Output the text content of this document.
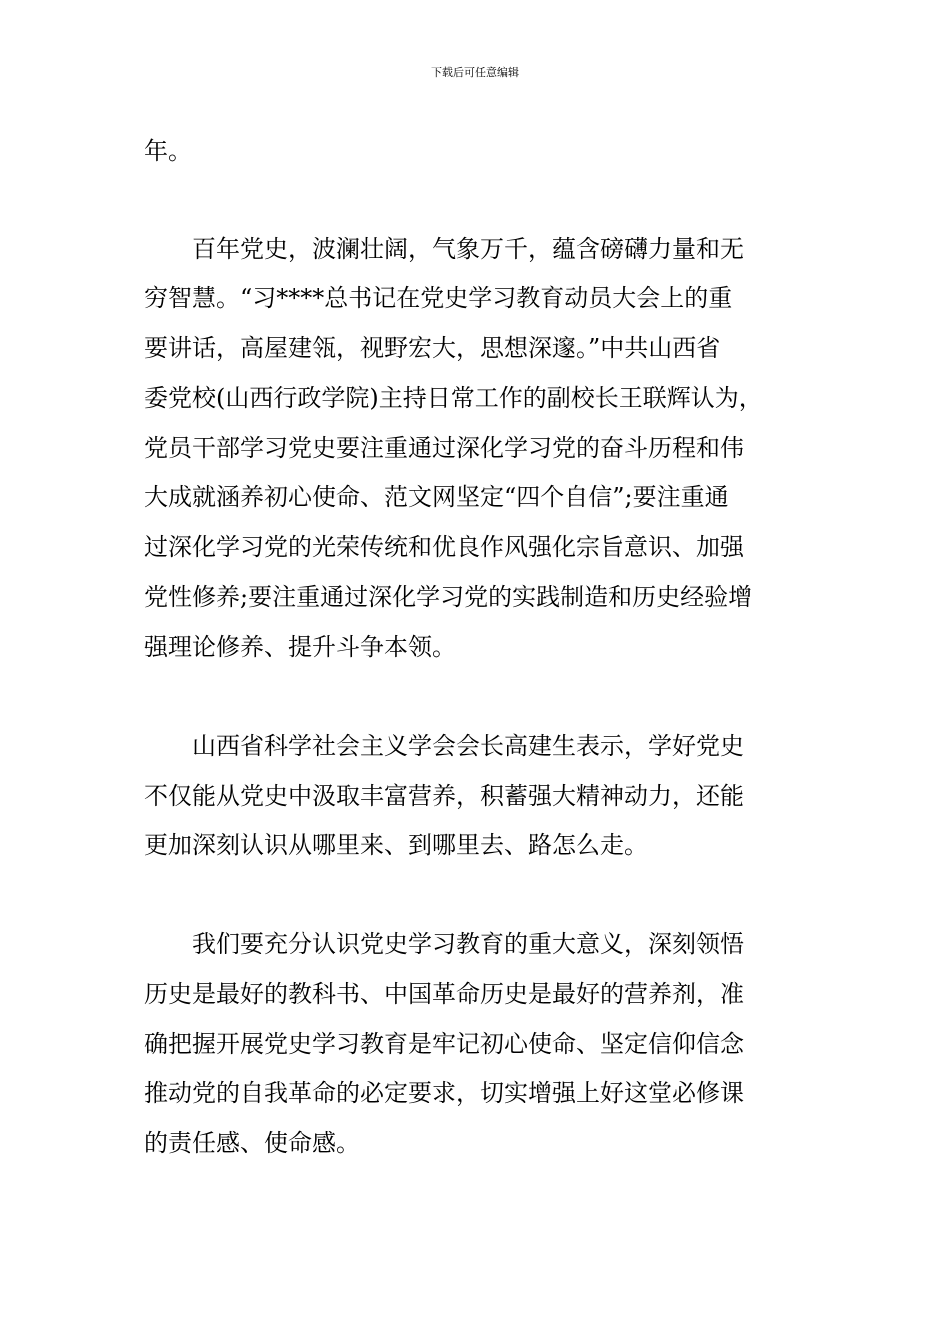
下载后可任意编辑
年。
　　百年党史，波澜壮阔，气象万千，蕴含磅礴力量和无
穷智慧。“习****总书记在党史学习教育动员大会上的重
要讲话，高屋建瓴，视野宏大，思想深邃。”中共山西省
委党校(山西行政学院)主持日常工作的副校长王联辉认为，
党员干部学习党史要注重通过深化学习党的奋斗历程和伟
大成就涵养初心使命、范文网坚定“四个自信”;要注重通
过深化学习党的光荣传统和优良作风强化宗旨意识、加强
党性修养;要注重通过深化学习党的实践制造和历史经验增
强理论修养、提升斗争本领。
　　山西省科学社会主义学会会长高建生表示，学好党史
不仅能从党史中汲取丰富营养，积蓄强大精神动力，还能
更加深刻认识从哪里来、到哪里去、路怎么走。
　　我们要充分认识党史学习教育的重大意义，深刻领悟
历史是最好的教科书、中国革命历史是最好的营养剂，准
确把握开展党史学习教育是牢记初心使命、坚定信仰信念
推动党的自我革命的必定要求，切实增强上好这堂必修课
的责任感、使命感。
